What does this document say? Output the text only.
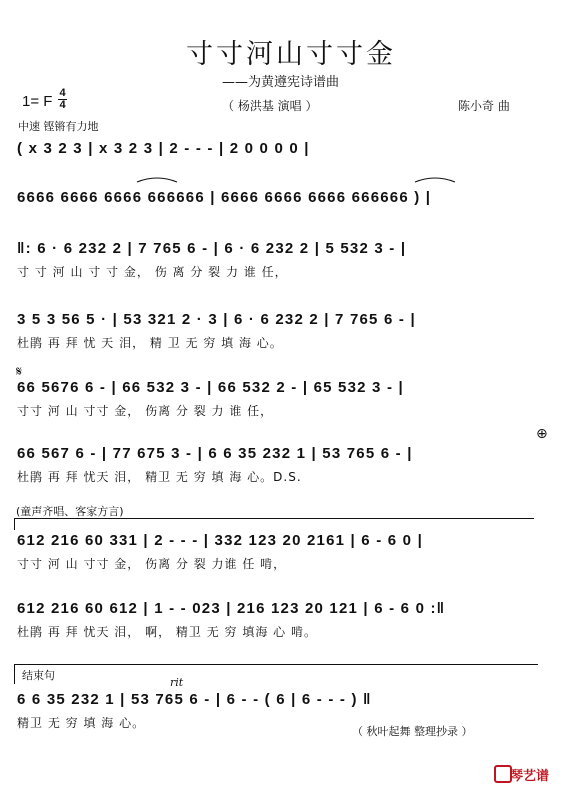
寸寸河山寸寸金
——为黄遵宪诗谱曲
1= F 4
4	（ 杨洪基 演唱 ）	陈小奇 曲
中速 铿锵有力地
( x 3 2 3 | x 3 2 3 | 2 - - - | 2 0 0 0 0 |
6666 6666 6666 666666 | 6666 6666 6666 666666 ) |
‖: 6 · 6 232 2 | 7 765 6 - | 6 · 6 232 2 | 5 532 3 - |
寸 寸 河 山 寸 寸 金， 伤 离 分 裂 力 谁 任，
3 5 3 56 5 · | 53 321 2 · 3 | 6 · 6 232 2 | 7 765 6 - |
杜鹃 再 拜 忧 天 泪， 精 卫 无 穷 填 海 心。
𝄋
66 5676 6 - | 66 532 3 - | 66 532 2 - | 65 532 3 - |
寸寸 河 山 寸寸 金， 伤离 分 裂 力 谁 任，
⊕
66 567 6 - | 77 675 3 - | 6 6 35 232 1 | 53 765 6 - |
杜鹃 再 拜 忧天 泪， 精卫 无 穷 填 海 心。D.S.
(童声齐唱、客家方言)
612 216 60 331 | 2 - - - | 332 123 20 2161 | 6 - 6 0 |
寸寸 河 山 寸寸 金， 伤离 分 裂 力谁 任 啃，
612 216 60 612 | 1 - - 023 | 216 123 20 121 | 6 - 6 0 :‖
杜鹃 再 拜 忧天 泪， 啊， 精卫 无 穷 填海 心 啃。
结束句
rit
6 6 35 232 1 | 53 765 6 - | 6 - - ( 6 | 6 - - - ) ‖
精卫 无 穷 填 海 心。
（ 秋叶起舞 整理抄录 ）
琴艺谱
